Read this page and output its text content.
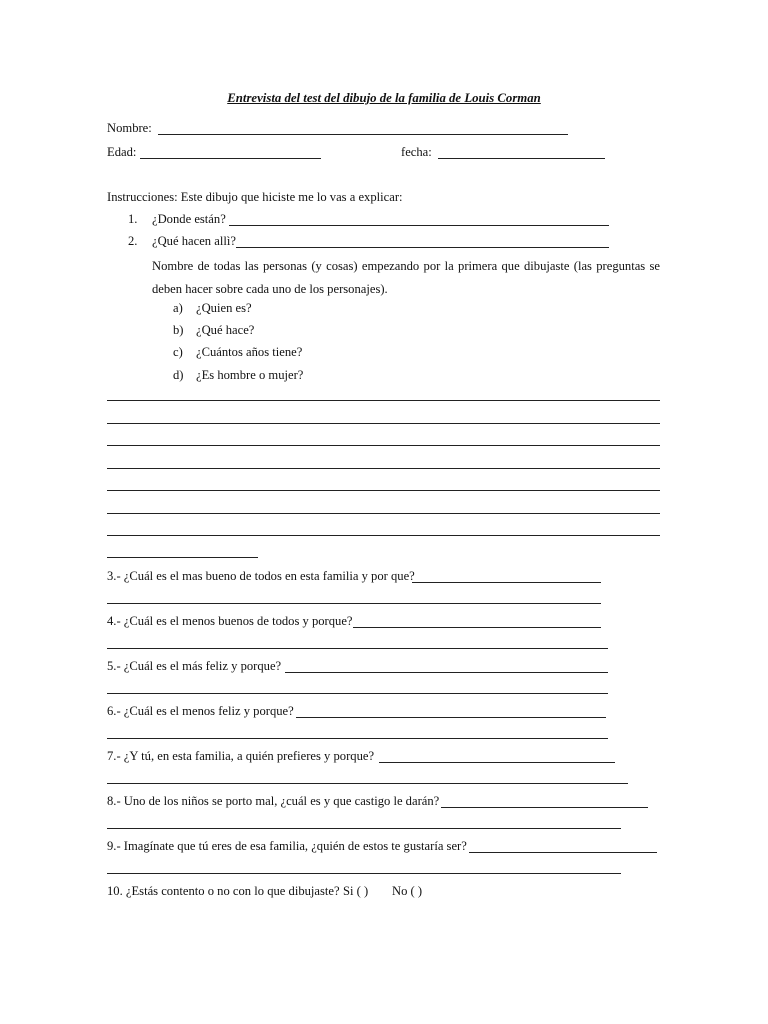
Entrevista del test del dibujo de la familia de Louis Corman
Nombre:
Edad:	fecha:
Instrucciones: Este dibujo que hiciste me lo vas a explicar:
1. ¿Donde están?
2. ¿Qué hacen allì?
Nombre de todas las personas (y cosas) empezando por la primera que dibujaste (las preguntas se deben hacer sobre cada uno de los personajes).
a) ¿Quien es?
b) ¿Qué hace?
c) ¿Cuántos años tiene?
d) ¿Es hombre o mujer?
3.- ¿Cuál es el mas bueno de todos en esta familia y por que?
4.- ¿Cuál es el menos buenos de todos y porque?
5.- ¿Cuál es el más feliz y porque?
6.- ¿Cuál es el menos feliz y porque?
7.- ¿Y tú, en esta familia, a quién prefieres y porque?
8.- Uno de los niños se porto mal, ¿cuál es y que castigo le darán?
9.- Imagínate que tú eres de esa familia, ¿quién de estos te gustaría ser?
10. ¿Estás contento o no con lo que dibujaste? Si ( ) No ( )
